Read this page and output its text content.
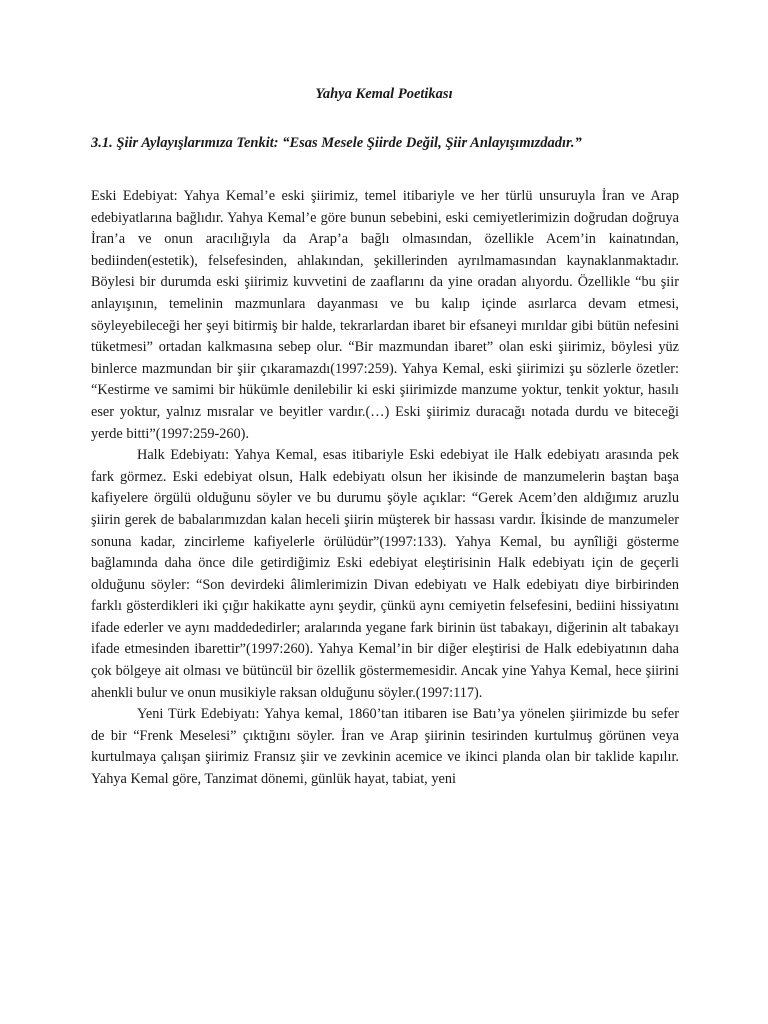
Yahya Kemal Poetikası
3.1. Şiir Aylayışlarımıza Tenkit: “Esas Mesele Şiirde Değil, Şiir Anlayışımızdadır.”

Eski Edebiyat: Yahya Kemal’e eski şiirimiz, temel itibariyle ve her türlü unsuruyla İran ve Arap edebiyatlarına bağlıdır. Yahya Kemal’e göre bunun sebebini, eski cemiyetlerimizin doğrudan doğruya İran’a ve onun aracılığıyla da Arap’a bağlı olmasından, özellikle Acem’in kainatından, bediinden(estetik), felsefesinden, ahlakından, şekillerinden ayrılmamasından kaynaklanmaktadır. Böylesi bir durumda eski şiirimiz kuvvetini de zaaflarını da yine oradan alıyordu. Özellikle “bu şiir anlayışının, temelinin mazmunlara dayanması ve bu kalıp içinde asırlarca devam etmesi, söyleyebileceği her şeyi bitirmiş bir halde, tekrarlardan ibaret bir efsaneyi mırıldar gibi bütün nefesini tüketmesi” ortadan kalkmasına sebep olur. “Bir mazmundan ibaret” olan eski şiirimiz, böylesi yüz binlerce mazmundan bir şiir çıkaramazdı(1997:259). Yahya Kemal, eski şiirimizi şu sözlerle özetler: “Kestirme ve samimi bir hükümle denilebilir ki eski şiirimizde manzume yoktur, tenkit yoktur, hasılı eser yoktur, yalnız mısralar ve beyitler vardır.(…) Eski şiirimiz duracağı notada durdu ve biteceği yerde bitti”(1997:259-260).

Halk Edebiyatı: Yahya Kemal, esas itibariyle Eski edebiyat ile Halk edebiyatı arasında pek fark görmez. Eski edebiyat olsun, Halk edebiyatı olsun her ikisinde de manzumelerin baştan başa kafiyelere örgülü olduğunu söyler ve bu durumu şöyle açıklar: “Gerek Acem’den aldığımız aruzlu şiirin gerek de babalarımızdan kalan heceli şiirin müşterek bir hassası vardır. İkisinde de manzumeler sonuna kadar, zincirleme kafiyelerle örülüdür”(1997:133). Yahya Kemal, bu aynîliği gösterme bağlamında daha önce dile getirdiğimiz Eski edebiyat eleştirisinin Halk edebiyatı için de geçerli olduğunu söyler: “Son devirdeki âlimlerimizin Divan edebiyatı ve Halk edebiyatı diye birbirinden farklı gösterdikleri iki çığır hakikatte aynı şeydir, çünkü aynı cemiyetin felsefesini, bediini hissiyatını ifade ederler ve aynı maddededirler; aralarında yegane fark birinin üst tabakayı, diğerinin alt tabakayı ifade etmesinden ibarettir”(1997:260). Yahya Kemal’in bir diğer eleştirisi de Halk edebiyatının daha çok bölgeye ait olması ve bütüncül bir özellik göstermemesidir. Ancak yine Yahya Kemal, hece şiirini ahenkli bulur ve onun musikiyle raksan olduğunu söyler.(1997:117).

Yeni Türk Edebiyatı: Yahya kemal, 1860’tan itibaren ise Batı’ya yönelen şiirimizde bu sefer de bir “Frenk Meselesi” çıktığını söyler. İran ve Arap şiirinin tesirinden kurtulmuş görünen veya kurtulmaya çalışan şiirimiz Fransız şiir ve zevkinin acemice ve ikinci planda olan bir taklide kapılır. Yahya Kemal göre, Tanzimat dönemi, günlük hayat, tabiat, yeni
